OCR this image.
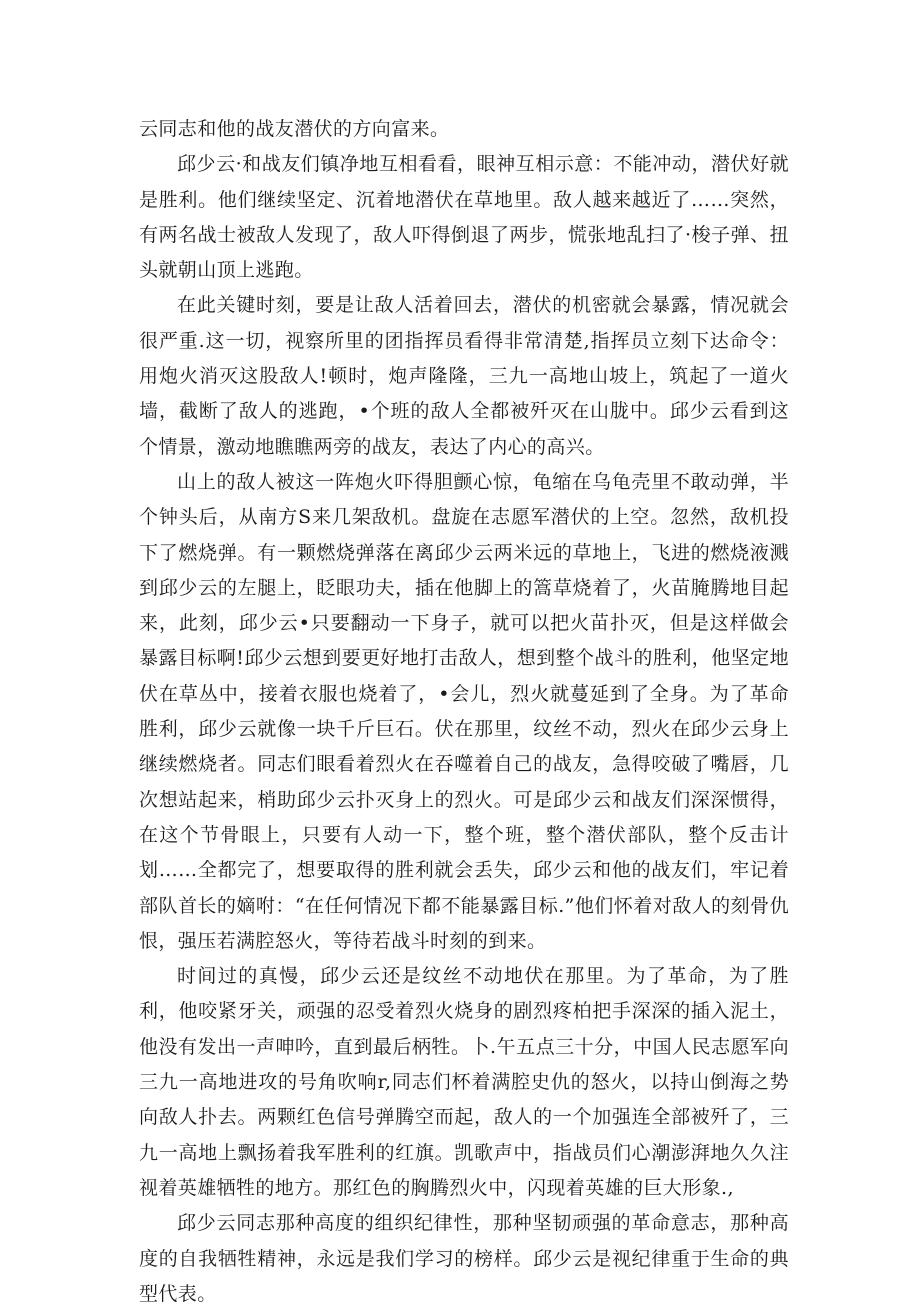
云同志和他的战友潜伏的方向富来。

邱少云·和战友们镇净地互相看看，眼神互相示意：不能冲动，潜伏好就是胜利。他们继续坚定、沉着地潜伏在草地里。敌人越来越近了……突然，有两名战士被敌人发现了，敌人吓得倒退了两步，慌张地乱扫了·梭子弹、扭头就朝山顶上逃跑。

在此关键时刻，要是让敌人活着回去，潜伏的机密就会暴露，情况就会很严重.这一切，视察所里的团指挥员看得非常清楚,指挥员立刻下达命令：用炮火消灭这股敌人!顿时，炮声隆隆，三九一高地山坡上，筑起了一道火墙，截断了敌人的逃跑，•个班的敌人全都被歼灭在山胧中。邱少云看到这个情景，激动地瞧瞧两旁的战友，表达了内心的高兴。

山上的敌人被这一阵炮火吓得胆颤心惊，龟缩在乌龟壳里不敢动弹，半个钟头后，从南方S来几架敌机。盘旋在志愿军潜伏的上空。忽然，敌机投下了燃烧弹。有一颗燃烧弹落在离邱少云两米远的草地上，飞进的燃烧液溅到邱少云的左腿上，眨眼功夫，插在他脚上的篙草烧着了，火苗腌腾地目起来，此刻，邱少云•只要翻动一下身子，就可以把火苗扑灭，但是这样做会暴露目标啊!邱少云想到要更好地打击敌人，想到整个战斗的胜利，他坚定地伏在草丛中，接着衣服也烧着了，•会儿，烈火就蔓延到了全身。为了革命胜利，邱少云就像一块千斤巨石。伏在那里，纹丝不动，烈火在邱少云身上继续燃烧者。同志们眼看着烈火在吞噬着自己的战友，急得咬破了嘴唇，几次想站起来，梢助邱少云扑灭身上的烈火。可是邱少云和战友们深深惯得，在这个节骨眼上，只要有人动一下，整个班，整个潜伏部队，整个反击计划……全都完了，想要取得的胜利就会丢失，邱少云和他的战友们，牢记着部队首长的嫡咐：“在任何情况下都不能暴露目标.”他们怀着对敌人的刻骨仇恨，强压若满腔怒火，等待若战斗时刻的到来。

时间过的真慢，邱少云还是纹丝不动地伏在那里。为了革命，为了胜利，他咬紧牙关，顽强的忍受着烈火烧身的剧烈疼柏把手深深的插入泥土，他没有发出一声呻吟，直到最后柄牲。卜.午五点三十分，中国人民志愿军向三九一高地进攻的号角吹响r,同志们杯着满腔史仇的怒火，以持山倒海之势向敌人扑去。两颗红色信号弹腾空而起，敌人的一个加强连全部被歼了，三九一高地上飘扬着我军胜利的红旗。凯歌声中，指战员们心潮澎湃地久久注视着英雄牺牲的地方。那红色的胸腾烈火中，闪现着英雄的巨大形象.,

邱少云同志那种高度的组织纪律性，那种坚韧顽强的革命意志，那种高度的自我牺牲精神，永远是我们学习的榜样。邱少云是视纪律重于生命的典型代表。
